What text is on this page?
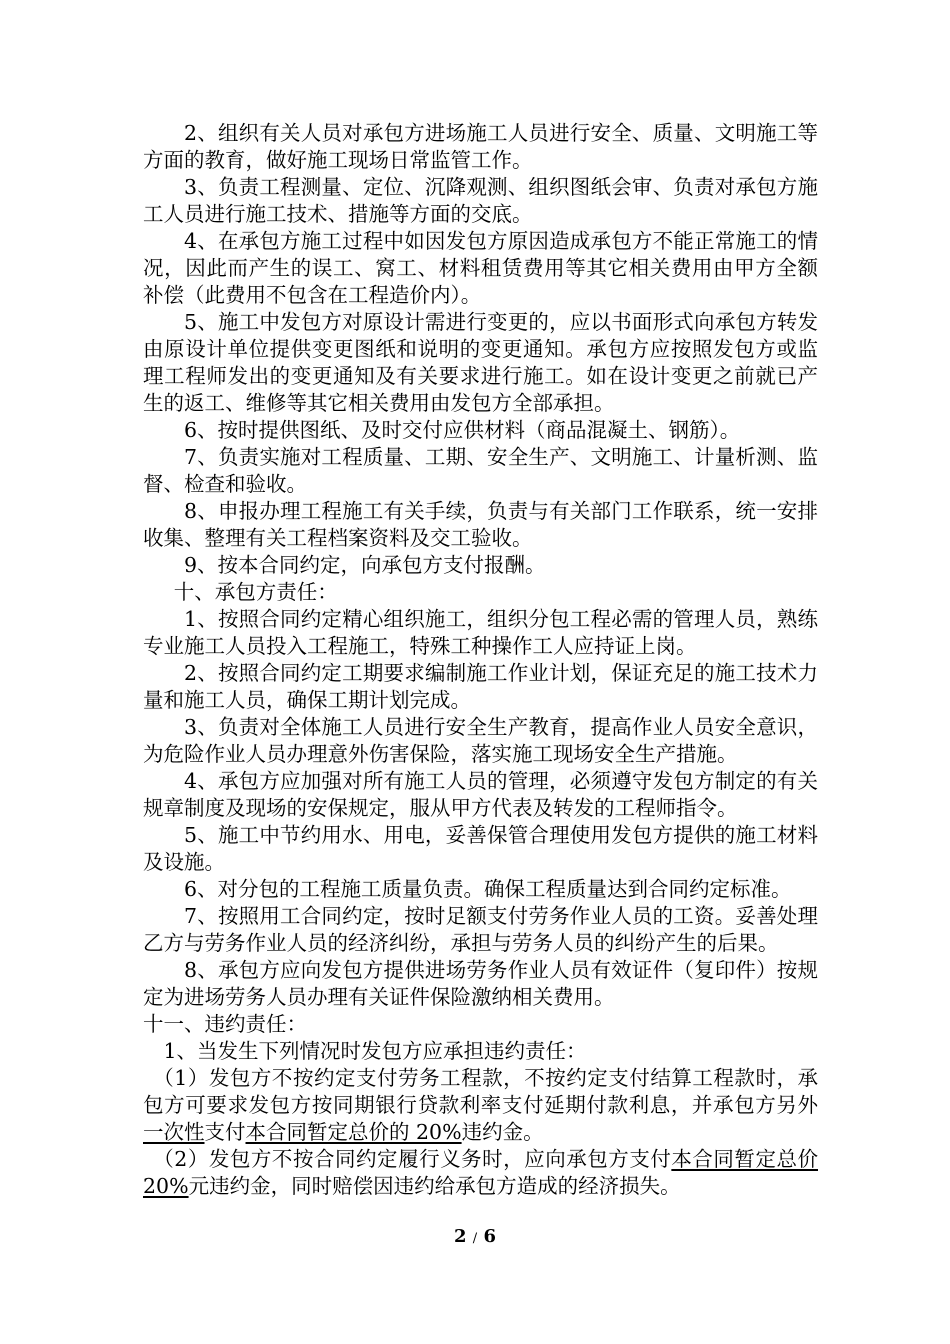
2、组织有关人员对承包方进场施工人员进行安全、质量、文明施工等方面的教育，做好施工现场日常监管工作。

3、负责工程测量、定位、沉降观测、组织图纸会审、负责对承包方施工人员进行施工技术、措施等方面的交底。

4、在承包方施工过程中如因发包方原因造成承包方不能正常施工的情况，因此而产生的误工、窝工、材料租赁费用等其它相关费用由甲方全额补偿（此费用不包含在工程造价内）。

5、施工中发包方对原设计需进行变更的，应以书面形式向承包方转发由原设计单位提供变更图纸和说明的变更通知。承包方应按照发包方或监理工程师发出的变更通知及有关要求进行施工。如在设计变更之前就已产生的返工、维修等其它相关费用由发包方全部承担。

6、按时提供图纸、及时交付应供材料（商品混凝土、钢筋）。

7、负责实施对工程质量、工期、安全生产、文明施工、计量析测、监督、检查和验收。

8、申报办理工程施工有关手续，负责与有关部门工作联系，统一安排收集、整理有关工程档案资料及交工验收。

9、按本合同约定，向承包方支付报酬。

十、承包方责任：

1、按照合同约定精心组织施工，组织分包工程必需的管理人员，熟练专业施工人员投入工程施工，特殊工种操作工人应持证上岗。

2、按照合同约定工期要求编制施工作业计划，保证充足的施工技术力量和施工人员，确保工期计划完成。

3、负责对全体施工人员进行安全生产教育，提高作业人员安全意识，为危险作业人员办理意外伤害保险，落实施工现场安全生产措施。

4、承包方应加强对所有施工人员的管理，必须遵守发包方制定的有关规章制度及现场的安保规定，服从甲方代表及转发的工程师指令。

5、施工中节约用水、用电，妥善保管合理使用发包方提供的施工材料及设施。

6、对分包的工程施工质量负责。确保工程质量达到合同约定标准。

7、按照用工合同约定，按时足额支付劳务作业人员的工资。妥善处理乙方与劳务作业人员的经济纠纷，承担与劳务人员的纠纷产生的后果。

8、承包方应向发包方提供进场劳务作业人员有效证件（复印件）按规定为进场劳务人员办理有关证件保险激纳相关费用。

十一、违约责任：

1、当发生下列情况时发包方应承担违约责任：

（1）发包方不按约定支付劳务工程款，不按约定支付结算工程款时，承包方可要求发包方按同期银行贷款利率支付延期付款利息，并承包方另外一次性支付本合同暂定总价的 20%违约金。

（2）发包方不按合同约定履行义务时，应向承包方支付本合同暂定总价 20%元违约金，同时赔偿因违约给承包方造成的经济损失。

2 / 6
